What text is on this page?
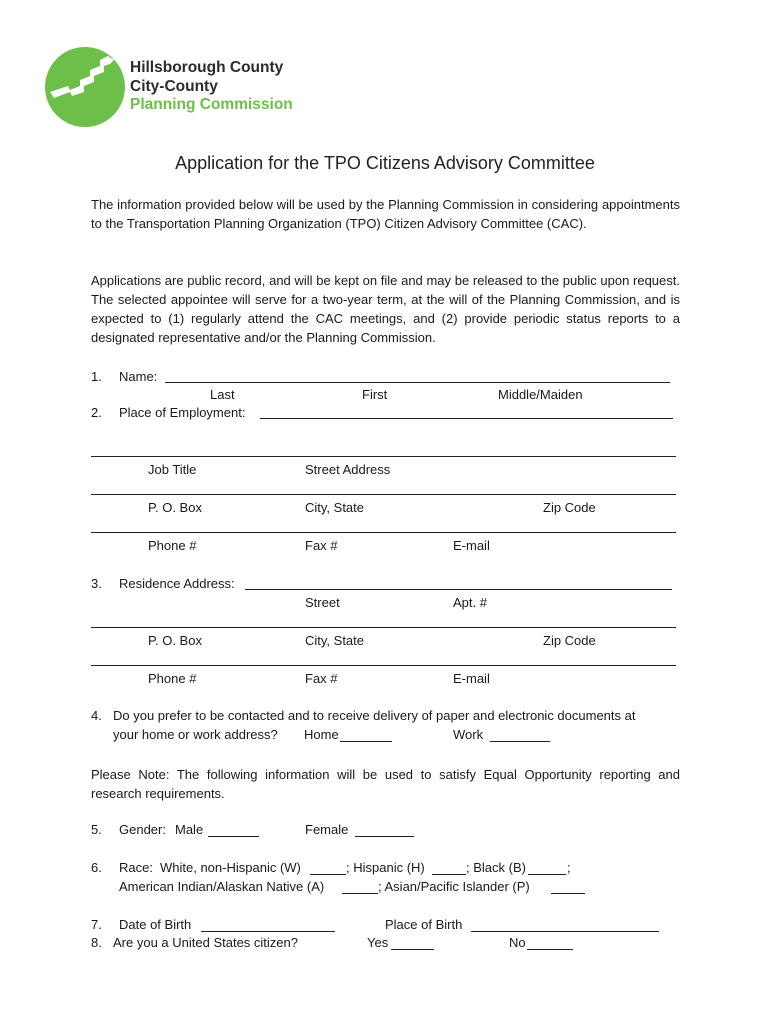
Hillsborough County
City-County
Planning Commission
Application for the TPO Citizens Advisory Committee
The information provided below will be used by the Planning Commission in considering appointments to the Transportation Planning Organization (TPO) Citizen Advisory Committee (CAC).
Applications are public record, and will be kept on file and may be released to the public upon request. The selected appointee will serve for a two-year term, at the will of the Planning Commission, and is expected to (1) regularly attend the CAC meetings, and (2) provide periodic status reports to a designated representative and/or the Planning Commission.
1. Name:
Last	First	Middle/Maiden
2. Place of Employment:
Job Title	Street Address
P. O. Box	City, State	Zip Code
Phone #	Fax #	E-mail
3. Residence Address:
Street	Apt. #
P. O. Box	City, State	Zip Code
Phone #	Fax #	E-mail
4. Do you prefer to be contacted and to receive delivery of paper and electronic documents at
your home or work address? Home	Work
Please Note: The following information will be used to satisfy Equal Opportunity reporting and research requirements.
5. Gender: Male	Female
6. Race: White, non-Hispanic (W)	; Hispanic (H)	; Black (B)	;
American Indian/Alaskan Native (A)	; Asian/Pacific Islander (P)
7. Date of Birth	Place of Birth
8. Are you a United States citizen?	Yes	No
